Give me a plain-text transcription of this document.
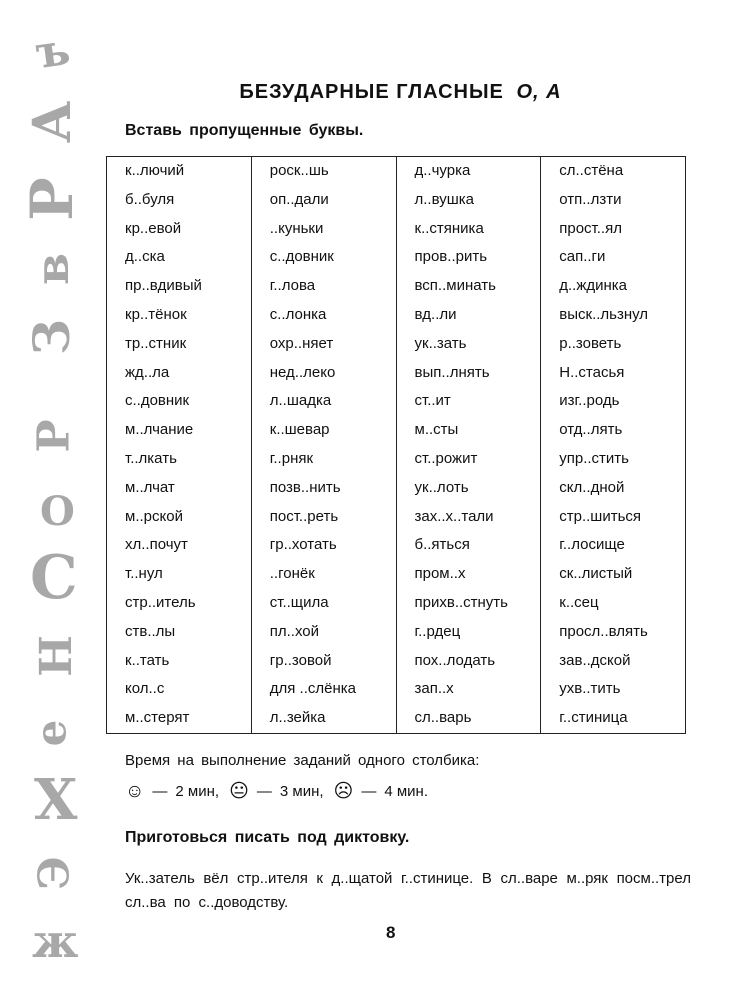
ъ
А
Р
в
З
Р
О
С
Н
е
Х
Э
ж
БЕЗУДАРНЫЕ ГЛАСНЫЕ О, А

Вставь пропущенные буквы.

к..лючий
б..буля
кр..евой
д..ска
пр..вдивый
кр..тёнок
тр..стник
жд..ла
с..довник
м..лчание
т..лкать
м..лчат
м..рской
хл..почут
т..нул
стр..итель
ств..лы
к..тать
кол..с
м..стерят
роск..шь
оп..дали
..куньки
с..довник
г..лова
с..лонка
охр..няет
нед..леко
л..шадка
к..шевар
г..рняк
позв..нить
пост..реть
гр..хотать
..гонёк
ст..щила
пл..хой
гр..зовой
для ..слёнка
л..зейка
д..чурка
л..вушка
к..стяника
пров..рить
всп..минать
вд..ли
ук..зать
вып..лнять
ст..ит
м..сты
ст..рожит
ук..лоть
зах..х..тали
б..яться
пром..х
прихв..стнуть
г..рдец
пох..лодать
зап..х
сл..варь
сл..стёна
отп..лзти
прост..ял
сап..ги
д..ждинка
выск..льзнул
р..зоветь
Н..стасья
изг..родь
отд..лять
упр..стить
скл..дной
стр..шиться
г..лосище
ск..листый
к..сец
просл..влять
зав..дской
ухв..тить
г..стиница

Время на выполнение заданий одного столбика:

☺ — 2 мин, 😐 — 3 мин, ☹ — 4 мин.

Приготовься писать под диктовку.

Ук..затель вёл стр..ителя к д..щатой г..стинице. В сл..варе м..ряк посм..трел сл..ва по с..доводству.

8
